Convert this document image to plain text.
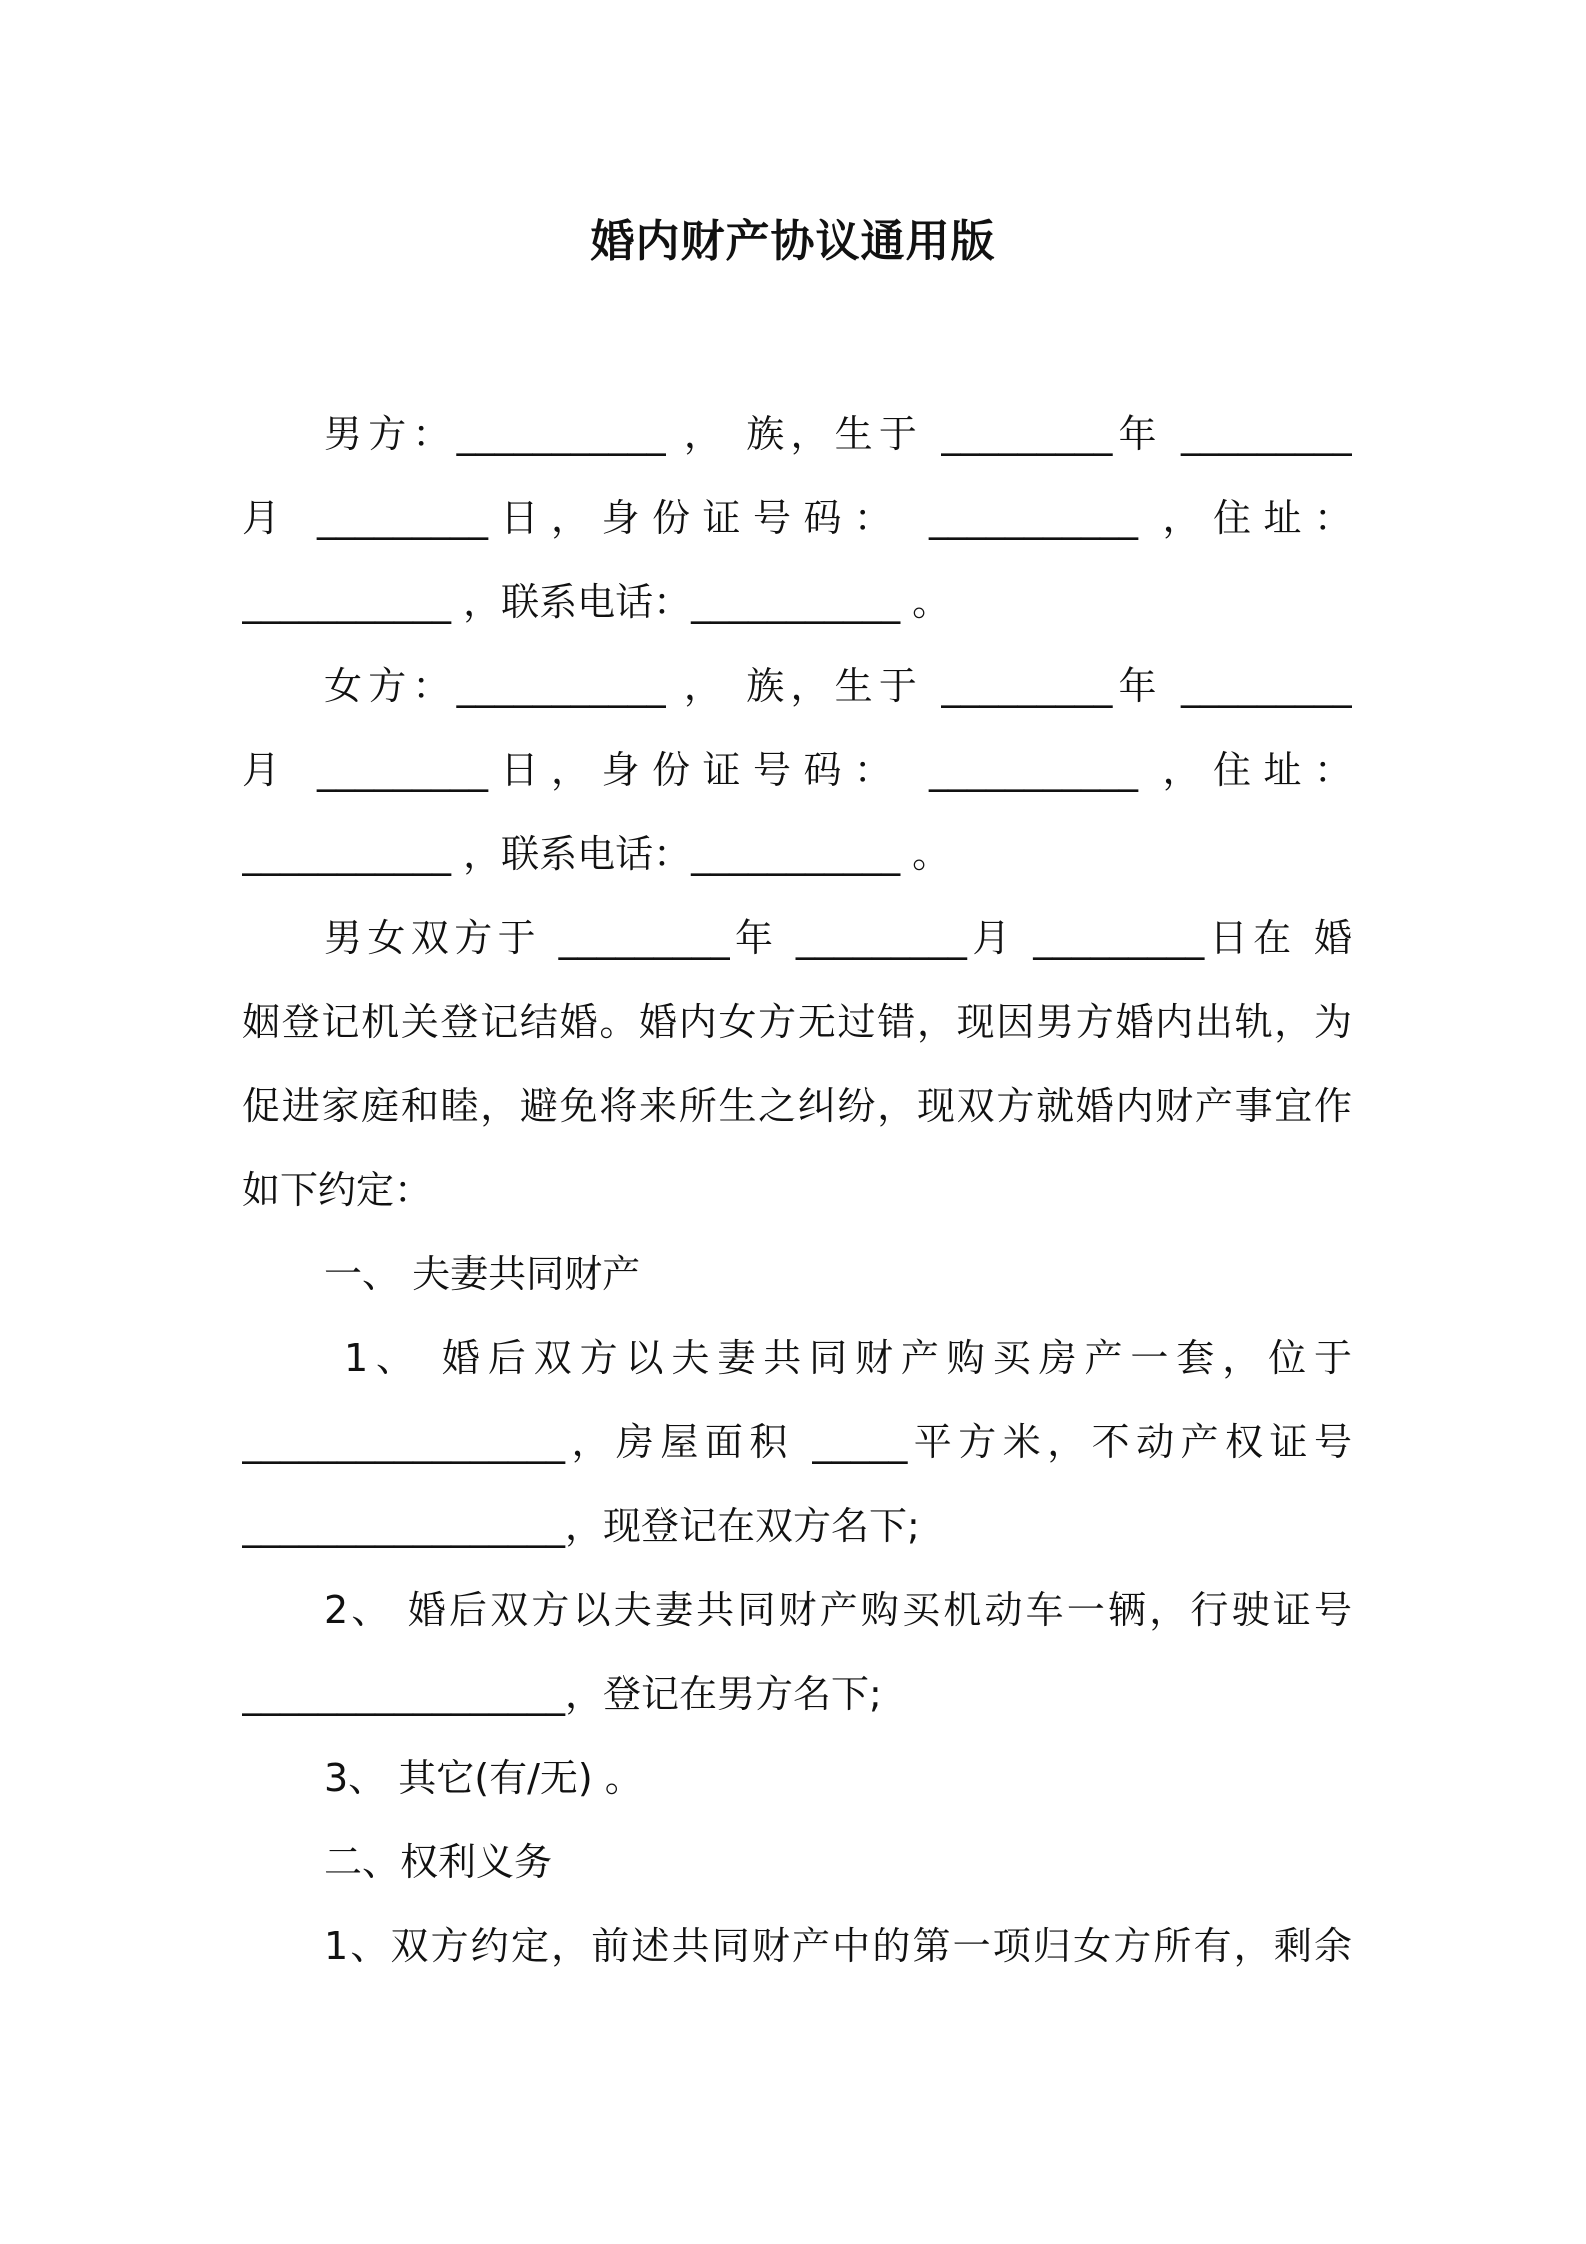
婚内财产协议通用版
男方：___________ ， 族，生于 _________年 _________
月 _________日，身份证号码： ___________ ，住址：
___________ ，联系电话：___________ 。
女方：___________ ， 族，生于 _________年 _________
月 _________日，身份证号码： ___________ ，住址：
___________ ，联系电话：___________ 。
男女双方于 _________年 _________月 _________日在 婚
姻登记机关登记结婚。婚内女方无过错，现因男方婚内出轨，为
促进家庭和睦，避免将来所生之纠纷，现双方就婚内财产事宜作
如下约定：
一、 夫妻共同财产
1、 婚后双方以夫妻共同财产购买房产一套，位于
_________________，房屋面积 _____平方米，不动产权证号
_________________，现登记在双方名下;
2、 婚后双方以夫妻共同财产购买机动车一辆，行驶证号
_________________，登记在男方名下;
3、 其它(有/无) 。
二、权利义务
1、双方约定，前述共同财产中的第一项归女方所有，剩余
